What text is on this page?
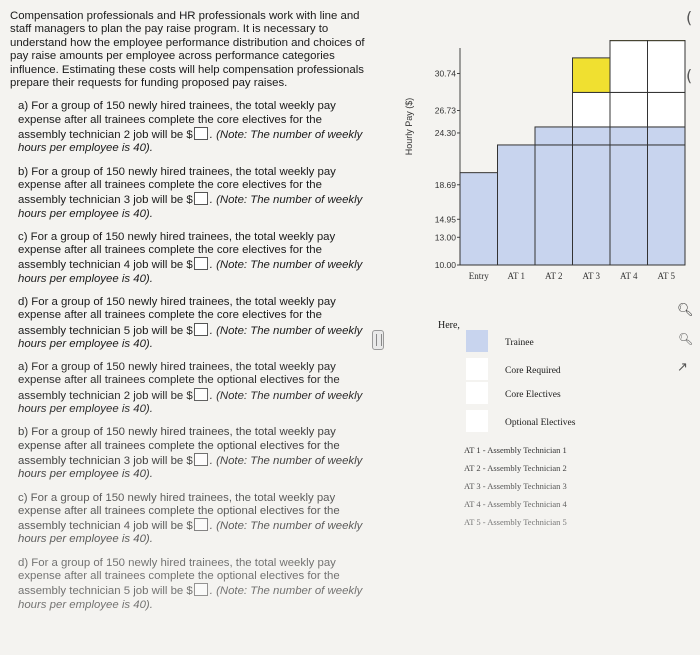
Compensation professionals and HR professionals work with line and staff managers to plan the pay raise program. It is necessary to understand how the employee performance distribution and choices of pay raise amounts per employee across performance categories influence. Estimating these costs will help compensation professionals prepare their requests for funding proposed pay raises.

a) For a group of 150 newly hired trainees, the total weekly pay expense after all trainees complete the core electives for the assembly technician 2 job will be $ . (Note: The number of weekly hours per employee is 40).
b) For a group of 150 newly hired trainees, the total weekly pay expense after all trainees complete the core electives for the assembly technician 3 job will be $ . (Note: The number of weekly hours per employee is 40).
c) For a group of 150 newly hired trainees, the total weekly pay expense after all trainees complete the core electives for the assembly technician 4 job will be $ . (Note: The number of weekly hours per employee is 40).
d) For a group of 150 newly hired trainees, the total weekly pay expense after all trainees complete the core electives for the assembly technician 5 job will be $ . (Note: The number of weekly hours per employee is 40).
a) For a group of 150 newly hired trainees, the total weekly pay expense after all trainees complete the optional electives for the assembly technician 2 job will be $ . (Note: The number of weekly hours per employee is 40).
b) For a group of 150 newly hired trainees, the total weekly pay expense after all trainees complete the optional electives for the assembly technician 3 job will be $ . (Note: The number of weekly hours per employee is 40).
c) For a group of 150 newly hired trainees, the total weekly pay expense after all trainees complete the optional electives for the assembly technician 4 job will be $ . (Note: The number of weekly hours per employee is 40).
d) For a group of 150 newly hired trainees, the total weekly pay expense after all trainees complete the optional electives for the assembly technician 5 job will be $ . (Note: The number of weekly hours per employee is 40).
Hourly Pay ($)
10.00
13.00
14.95
18.69
24.30
26.73
30.74
Entry AT 1 AT 2 AT 3 AT 4 AT 5
Here,
Trainee
Core Required
Core Electives
Optional Electives
AT 1 - Assembly Technician 1
AT 2 - Assembly Technician 2
AT 3 - Assembly Technician 3
AT 4 - Assembly Technician 4
AT 5 - Assembly Technician 5
(
(
🔍︎
🔍︎
↗
